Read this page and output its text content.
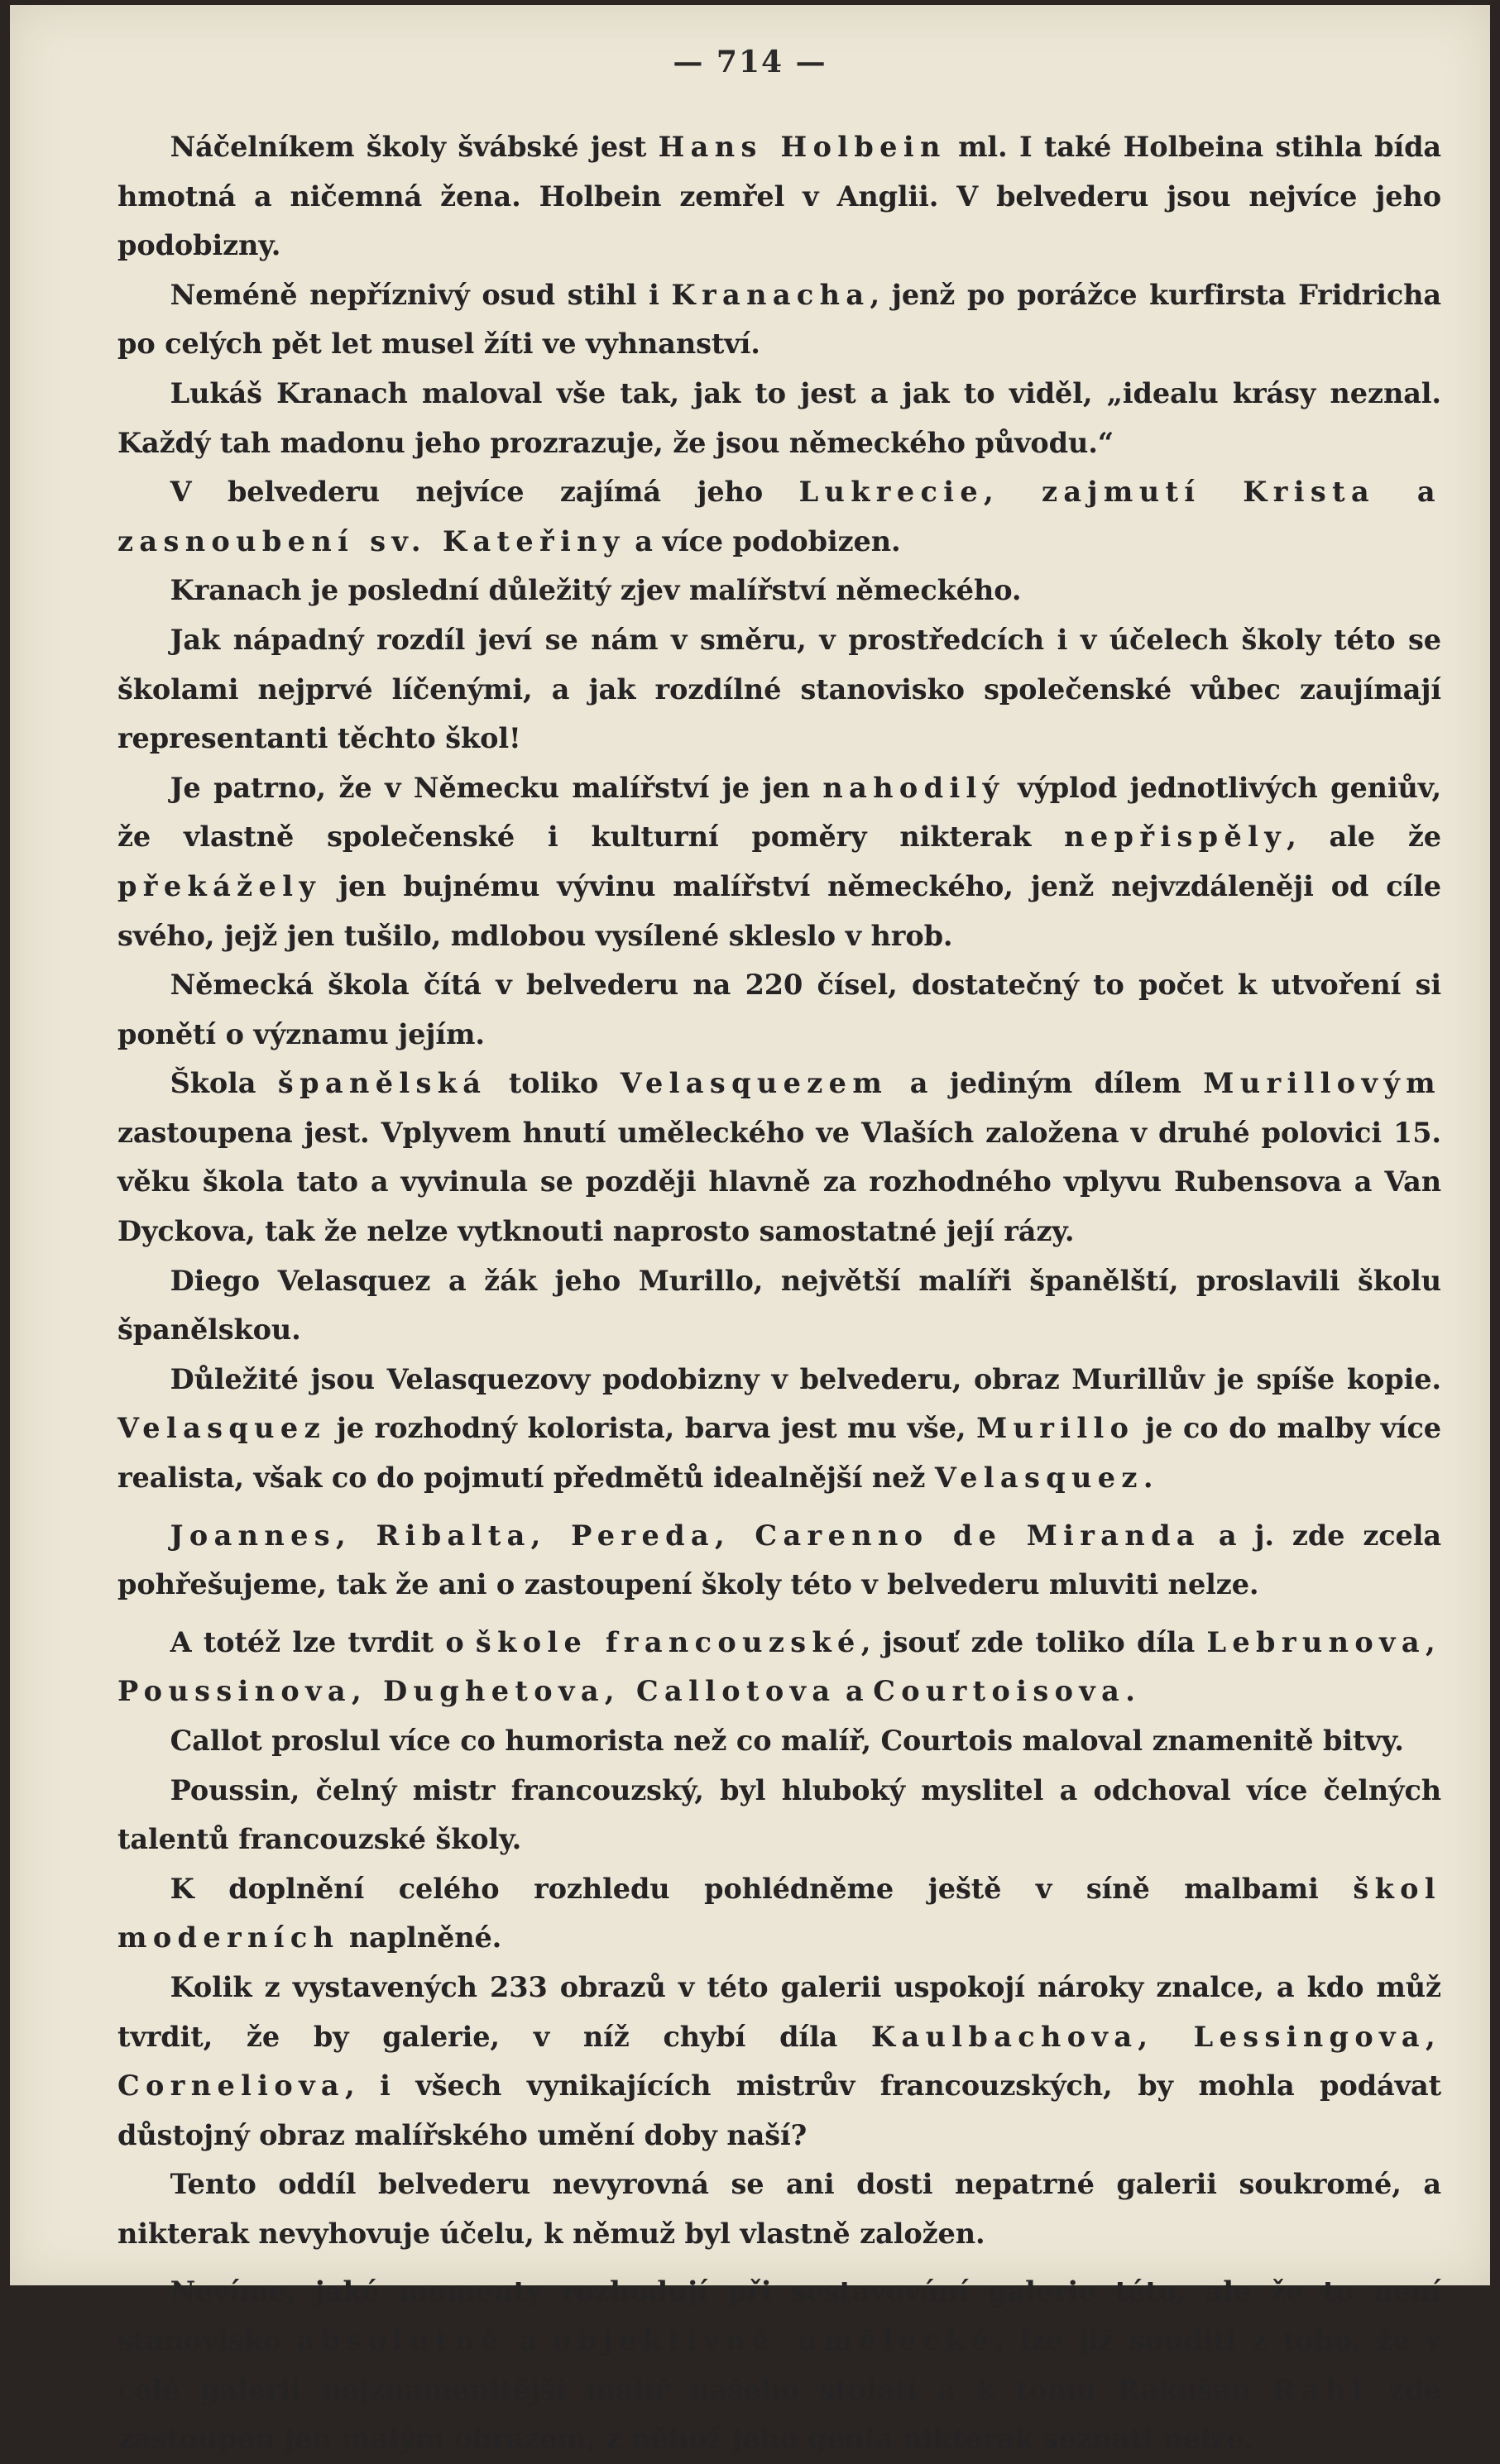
— 714 —

Náčelníkem školy švábské jest Hans Holbein ml. I také Holbeina stihla bída hmotná a ničemná žena. Holbein zemřel v Anglii. V belvederu jsou nejvíce jeho podobizny.

Neméně nepříznivý osud stihl i Kranacha, jenž po porážce kurfirsta Fridricha po celých pět let musel žíti ve vyhnanství.

Lukáš Kranach maloval vše tak, jak to jest a jak to viděl, „idealu krásy neznal. Každý tah madonu jeho prozrazuje, že jsou německého původu.“

V belvederu nejvíce zajímá jeho Lukrecie, zajmutí Krista a zasnoubení sv. Kateřiny a více podobizen.

Kranach je poslední důležitý zjev malířství německého.

Jak nápadný rozdíl jeví se nám v směru, v prostředcích i v účelech školy této se školami nejprvé líčenými, a jak rozdílné stanovisko společenské vůbec zaujímají representanti těchto škol!

Je patrno, že v Německu malířství je jen nahodilý výplod jednotlivých geniův, že vlastně společenské i kulturní poměry nikterak nepřispěly, ale že překážely jen bujnému vývinu malířství německého, jenž nejvzdáleněji od cíle svého, jejž jen tušilo, mdlobou vysílené skleslo v hrob.

Německá škola čítá v belvederu na 220 čísel, dostatečný to počet k utvoření si ponětí o významu jejím.

Škola španělská toliko Velasquezem a jediným dílem Murillovým zastoupena jest. Vplyvem hnutí uměleckého ve Vlaších založena v druhé polovici 15. věku škola tato a vyvinula se později hlavně za rozhodného vplyvu Rubensova a Van Dyckova, tak že nelze vytknouti naprosto samostatné její rázy.

Diego Velasquez a žák jeho Murillo, největší malíři španělští, proslavili školu španělskou.

Důležité jsou Velasquezovy podobizny v belvederu, obraz Murillův je spíše kopie. Velasquez je rozhodný kolorista, barva jest mu vše, Murillo je co do malby více realista, však co do pojmutí předmětů idealnější než Velasquez.

Joannes, Ribalta, Pereda, Carenno de Miranda a j. zde zcela pohřešujeme, tak že ani o zastoupení školy této v belvederu mluviti nelze.

A totéž lze tvrdit o škole francouzské, jsouť zde toliko díla Lebrunova, Poussinova, Dughetova, Callotova a Courtoisova.

Callot proslul více co humorista než co malíř, Courtois maloval znamenitě bitvy.

Poussin, čelný mistr francouzský, byl hluboký myslitel a odchoval více čelných talentů francouzské školy.

K doplnění celého rozhledu pohlédněme ještě v síně malbami škol moderních naplněné.

Kolik z vystavených 233 obrazů v této galerii uspokojí nároky znalce, a kdo můž tvrdit, že by galerie, v níž chybí díla Kaulbachova, Lessingova, Corneliova, i všech vynikajících mistrův francouzských, by mohla podávat důstojný obraz malířského umění doby naší?

Tento oddíl belvederu nevyrovná se ani dosti nepatrné galerii soukromé, a nikterak nevyhovuje účelu, k němuž byl vlastně založen.

Nevíme, jaké momenty rozhodují při sestavování galerie této, ale že to není stanovisko absolutně a objektivně umělecké, lze již souditi z toho, že v celé galerii nejznamenitější malíř našeho století a k tomu Rakušan Rahl zde zastoupen jen malým obrazem, z něhož jeho genia nikterak seznati nelze.
